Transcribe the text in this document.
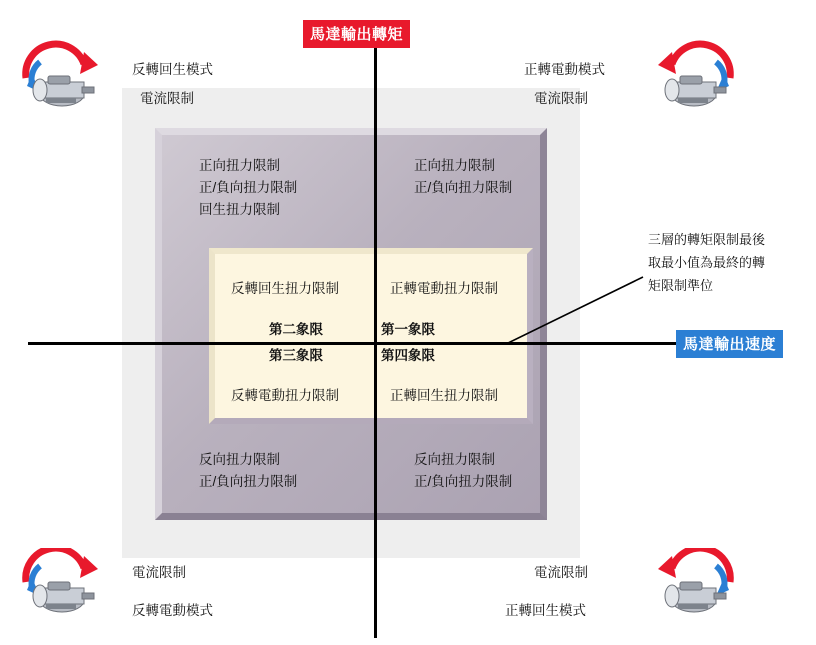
馬達輸出轉矩
馬達輸出速度
反轉回生模式
電流限制
正轉電動模式
電流限制
電流限制
反轉電動模式
電流限制
正轉回生模式
正向扭力限制
正/負向扭力限制
回生扭力限制
正向扭力限制
正/負向扭力限制
反向扭力限制
正/負向扭力限制
反向扭力限制
正/負向扭力限制
反轉回生扭力限制	正轉電動扭力限制
第二象限	第一象限
第三象限	第四象限
反轉電動扭力限制	正轉回生扭力限制
三層的轉矩限制最後
取最小值為最終的轉
矩限制準位
